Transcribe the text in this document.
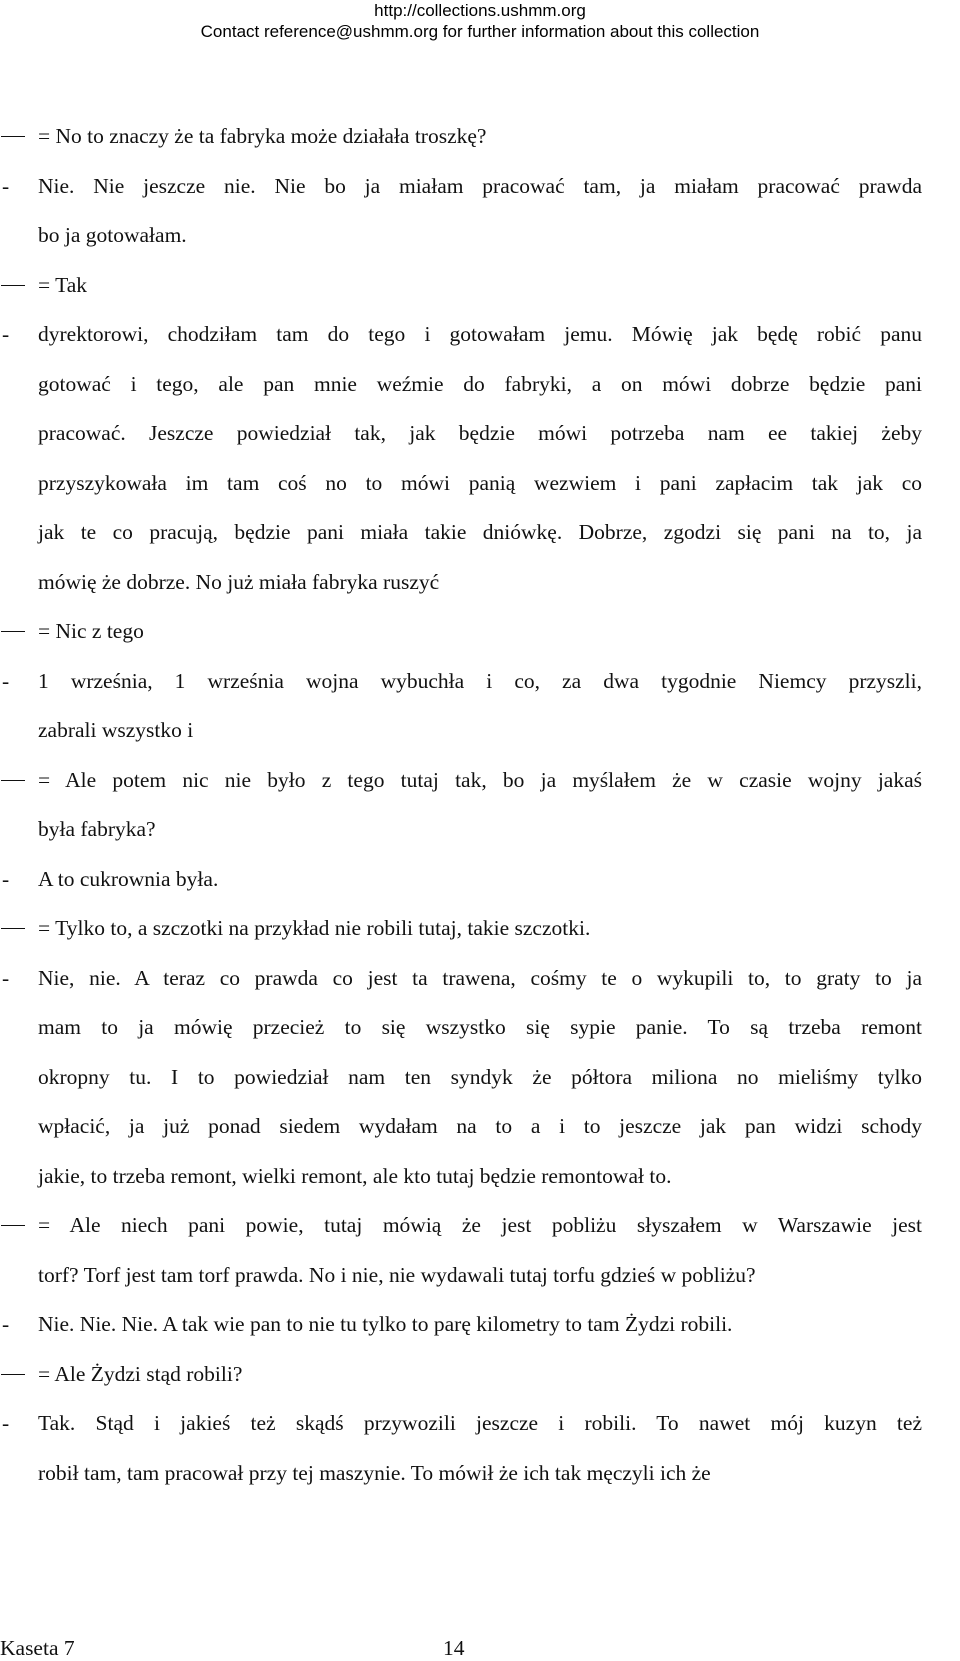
http://collections.ushmm.org
Contact reference@ushmm.org for further information about this collection
= No to znaczy że ta fabryka może działała troszkę?
-	Nie. Nie jeszcze nie. Nie bo ja miałam pracować tam, ja miałam pracować prawda
bo ja gotowałam.
= Tak
-	dyrektorowi, chodziłam tam do tego i gotowałam jemu. Mówię jak będę robić panu
gotować i tego, ale pan mnie weźmie do fabryki, a on mówi dobrze będzie pani
pracować. Jeszcze powiedział tak, jak będzie mówi potrzeba nam ee takiej żeby
przyszykowała im tam coś no to mówi panią wezwiem i pani zapłacim tak jak co
jak te co pracują, będzie pani miała takie dniówkę. Dobrze, zgodzi się pani na to, ja
mówię że dobrze. No już miała fabryka ruszyć
= Nic z tego
-	1 września, 1 września wojna wybuchła i co, za dwa tygodnie Niemcy przyszli,
zabrali wszystko i
= Ale potem nic nie było z tego tutaj tak, bo ja myślałem że w czasie wojny jakaś
była fabryka?
-	A to cukrownia była.
= Tylko to, a szczotki na przykład nie robili tutaj, takie szczotki.
-	Nie, nie. A teraz co prawda co jest ta trawena, cośmy te o wykupili to, to graty to ja
mam to ja mówię przecież to się wszystko się sypie panie. To są trzeba remont
okropny tu. I to powiedział nam ten syndyk że półtora miliona no mieliśmy tylko
wpłacić, ja już ponad siedem wydałam na to a i to jeszcze jak pan widzi schody
jakie, to trzeba remont, wielki remont, ale kto tutaj będzie remontował to.
= Ale niech pani powie, tutaj mówią że jest pobliżu słyszałem w Warszawie jest
torf? Torf jest tam torf prawda. No i nie, nie wydawali tutaj torfu gdzieś w pobliżu?
-	Nie. Nie. Nie. A tak wie pan to nie tu tylko to parę kilometry to tam Żydzi robili.
= Ale Żydzi stąd robili?
-	Tak. Stąd i jakieś też skądś przywozili jeszcze i robili. To nawet mój kuzyn też
robił tam, tam pracował przy tej maszynie. To mówił że ich tak męczyli ich że
Kaseta 7	14
